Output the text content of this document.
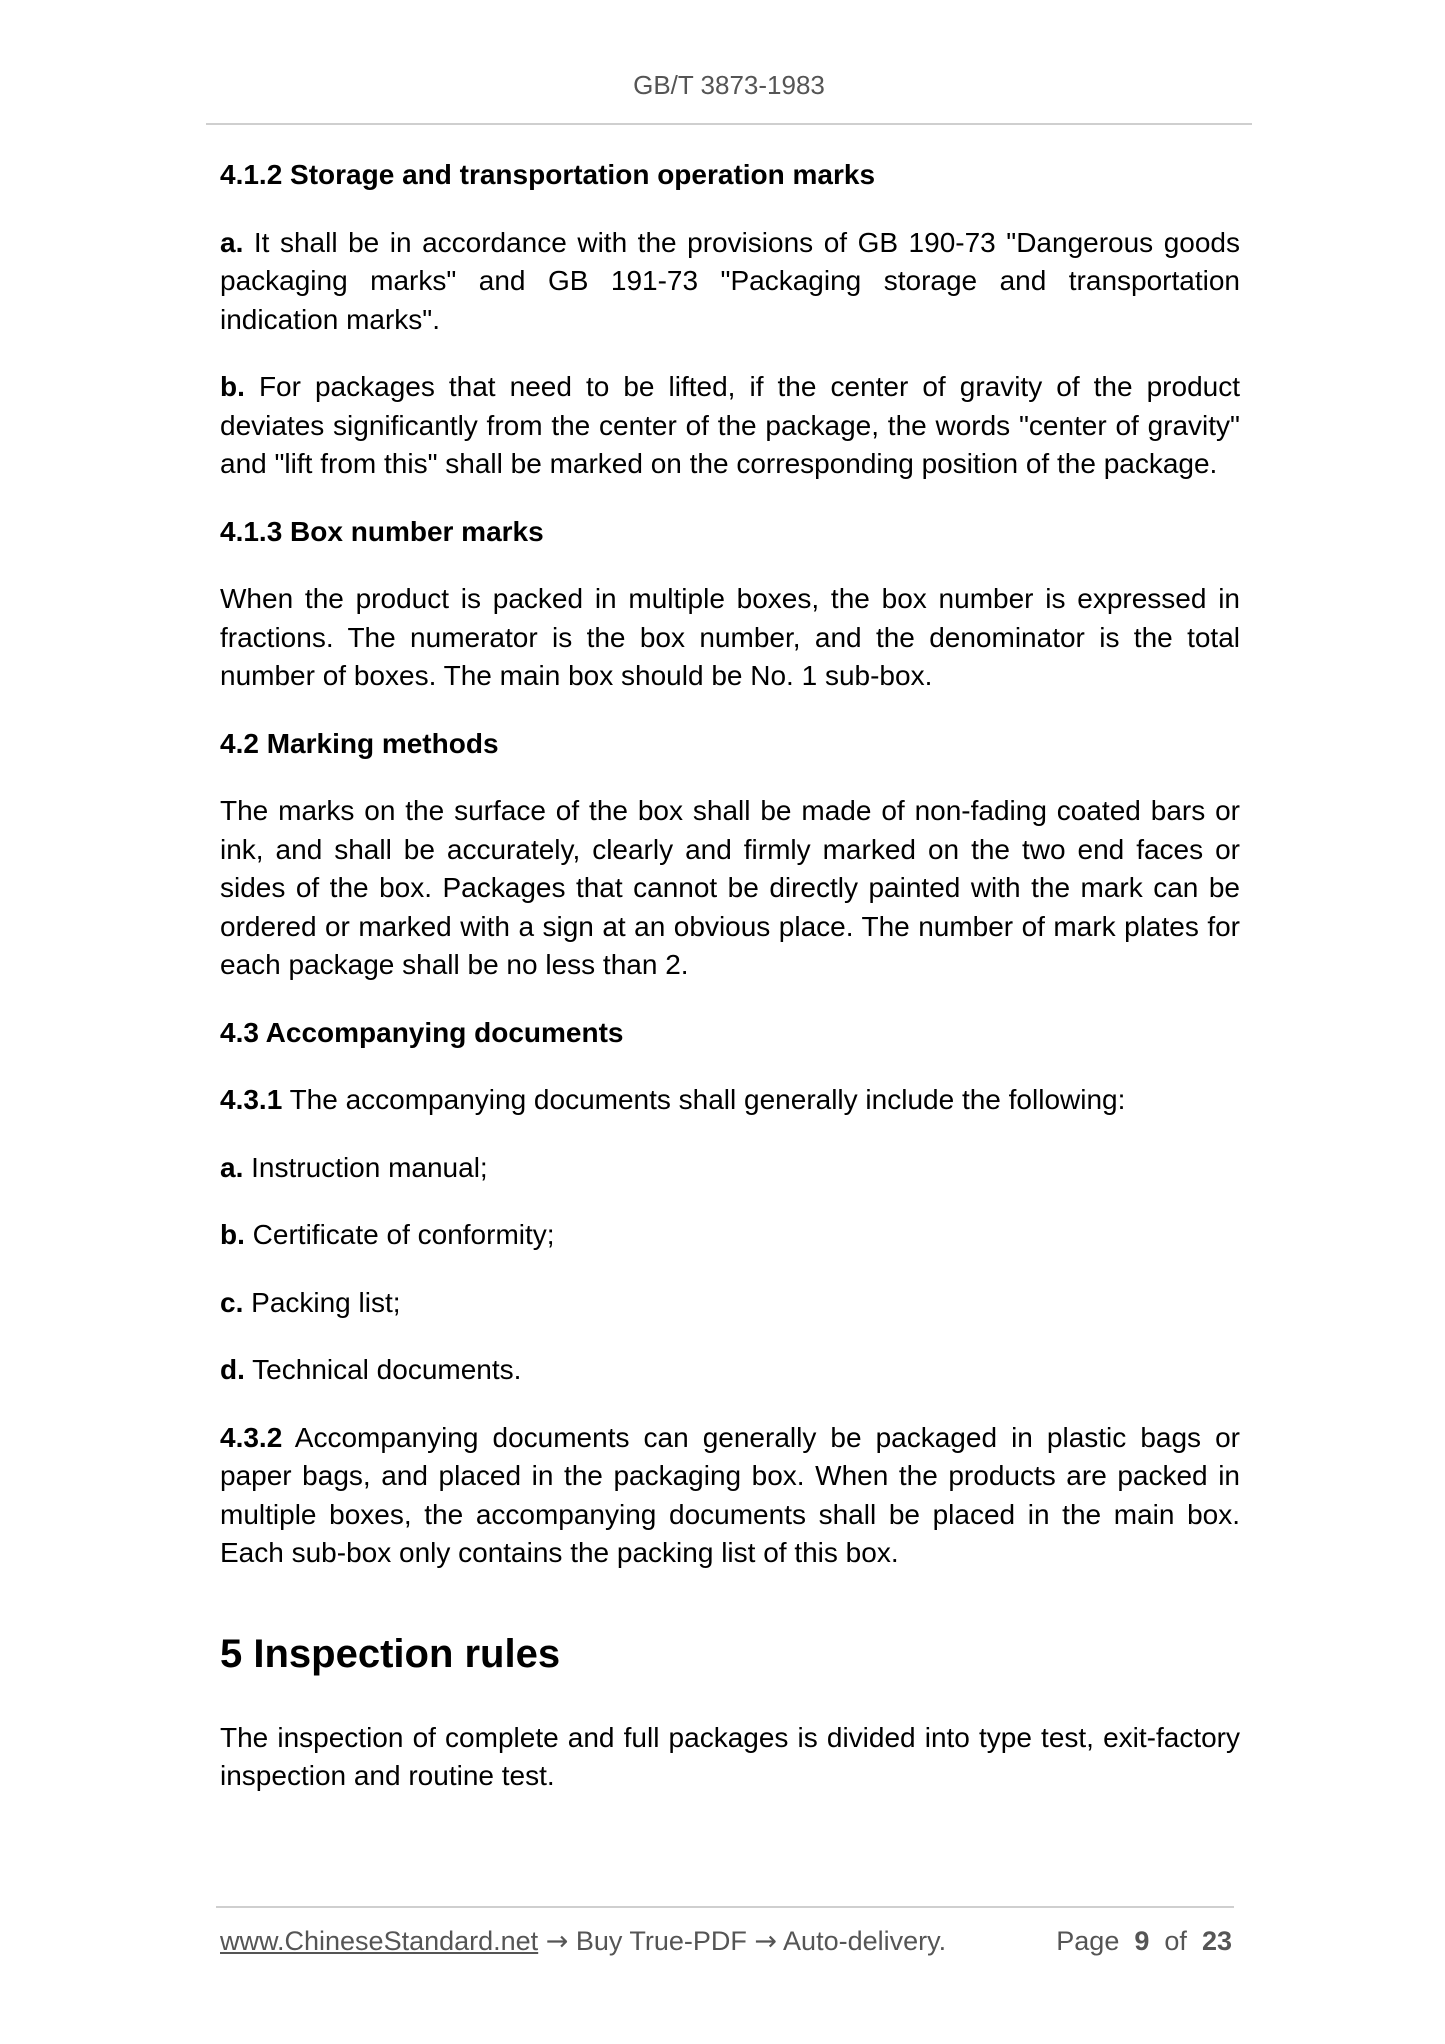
GB/T 3873-1983
4.1.2 Storage and transportation operation marks

a. It shall be in accordance with the provisions of GB 190-73 "Dangerous goods packaging marks" and GB 191-73 "Packaging storage and transportation indication marks".

b. For packages that need to be lifted, if the center of gravity of the product deviates significantly from the center of the package, the words "center of gravity" and "lift from this" shall be marked on the corresponding position of the package.

4.1.3 Box number marks

When the product is packed in multiple boxes, the box number is expressed in fractions. The numerator is the box number, and the denominator is the total number of boxes. The main box should be No. 1 sub-box.

4.2 Marking methods

The marks on the surface of the box shall be made of non-fading coated bars or ink, and shall be accurately, clearly and firmly marked on the two end faces or sides of the box. Packages that cannot be directly painted with the mark can be ordered or marked with a sign at an obvious place. The number of mark plates for each package shall be no less than 2.

4.3 Accompanying documents

4.3.1 The accompanying documents shall generally include the following:

a. Instruction manual;

b. Certificate of conformity;

c. Packing list;

d. Technical documents.

4.3.2 Accompanying documents can generally be packaged in plastic bags or paper bags, and placed in the packaging box. When the products are packed in multiple boxes, the accompanying documents shall be placed in the main box. Each sub-box only contains the packing list of this box.

5 Inspection rules

The inspection of complete and full packages is divided into type test, exit-factory inspection and routine test.

www.ChineseStandard.net → Buy True-PDF → Auto-delivery.	Page 9 of 23
